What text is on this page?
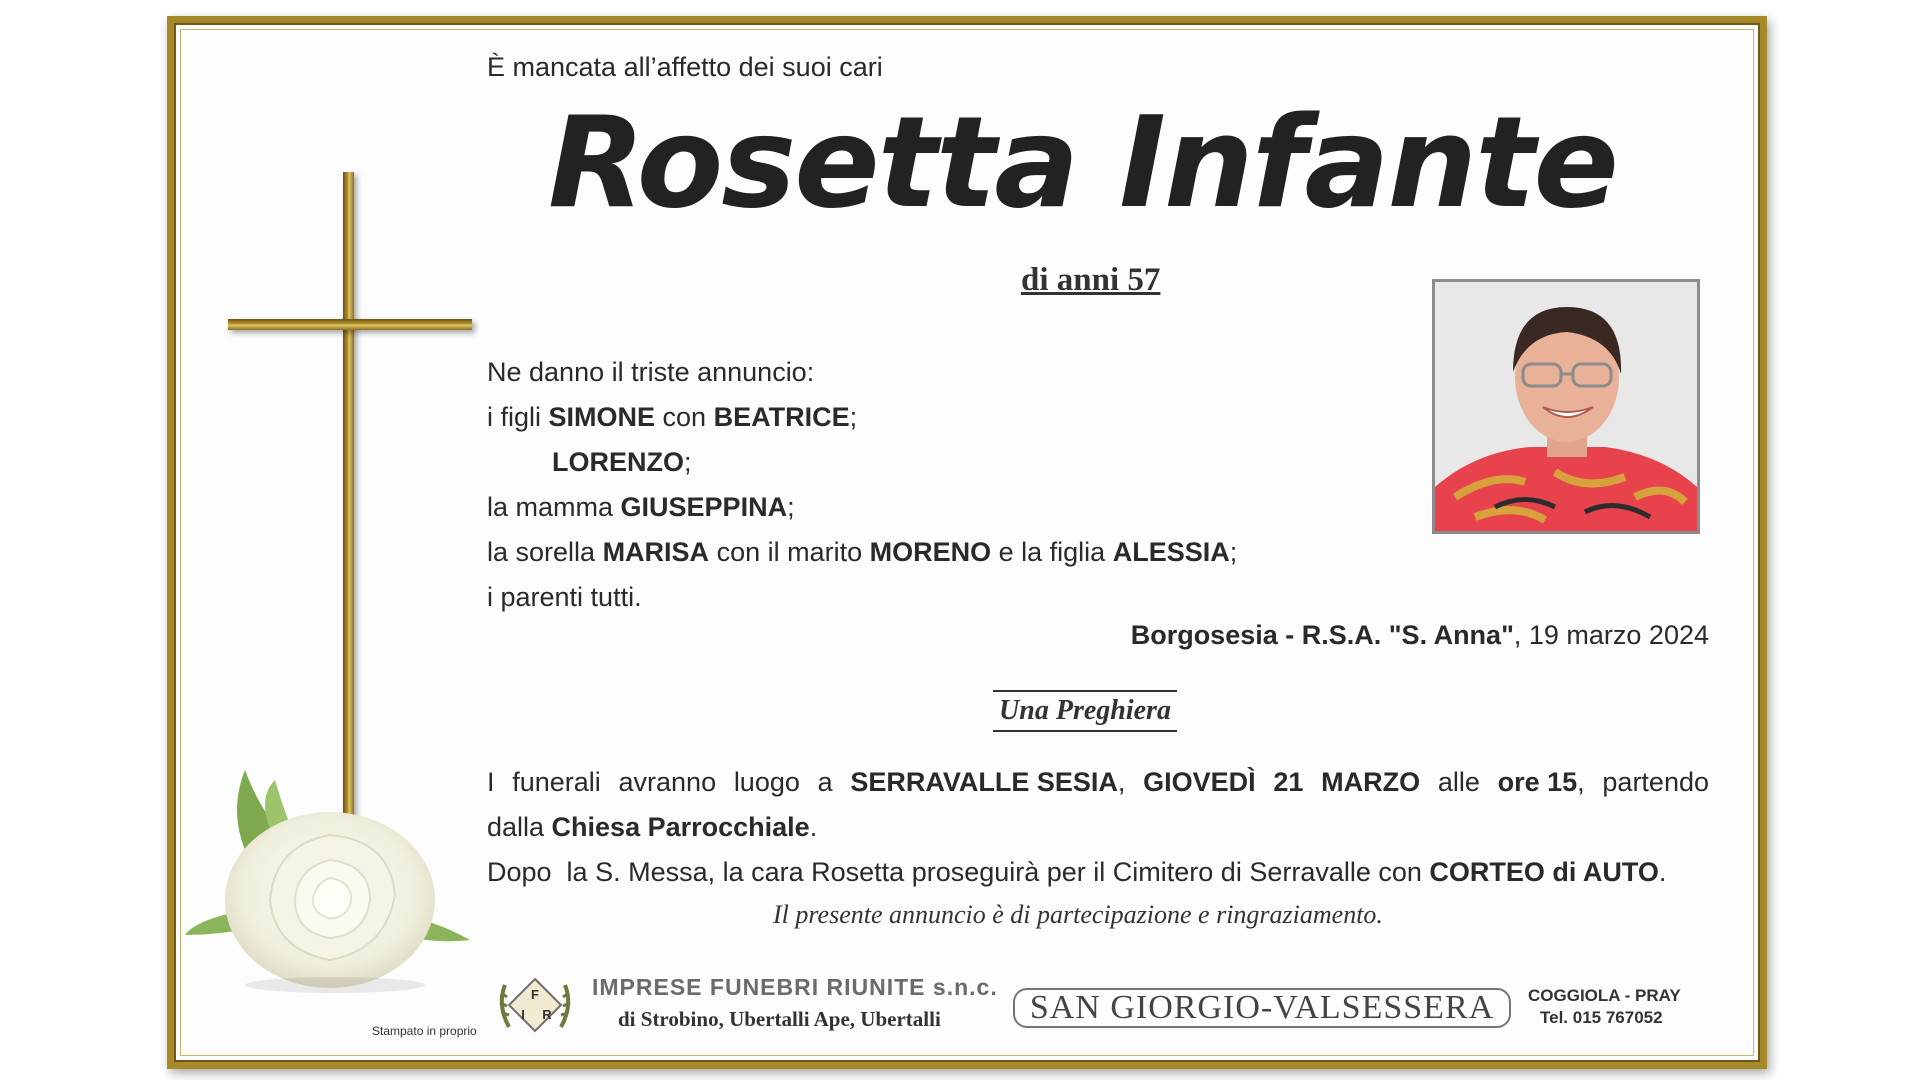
Stampato in proprio
È mancata all’affetto dei suoi cari
Rosetta Infante
di anni 57
Ne danno il triste annuncio:
i figli SIMONE con BEATRICE;
LORENZO;
la mamma GIUSEPPINA;
la sorella MARISA con il marito MORENO e la figlia ALESSIA;
i parenti tutti.
Borgosesia - R.S.A. "S. Anna", 19 marzo 2024
Una Preghiera
I funerali avranno luogo a SERRAVALLE SESIA, GIOVEDÌ 21 MARZO alle ore 15, partendo
dalla Chiesa Parrocchiale.
Dopo  la S. Messa, la cara Rosetta proseguirà per il Cimitero di Serravalle con CORTEO di AUTO.
Il presente annuncio è di partecipazione e ringraziamento.
F
I R
IMPRESE FUNEBRI RIUNITE s.n.c.
di Strobino, Ubertalli Ape, Ubertalli	SAN GIORGIO-VALSESSERA	COGGIOLA - PRAY
Tel. 015 767052
